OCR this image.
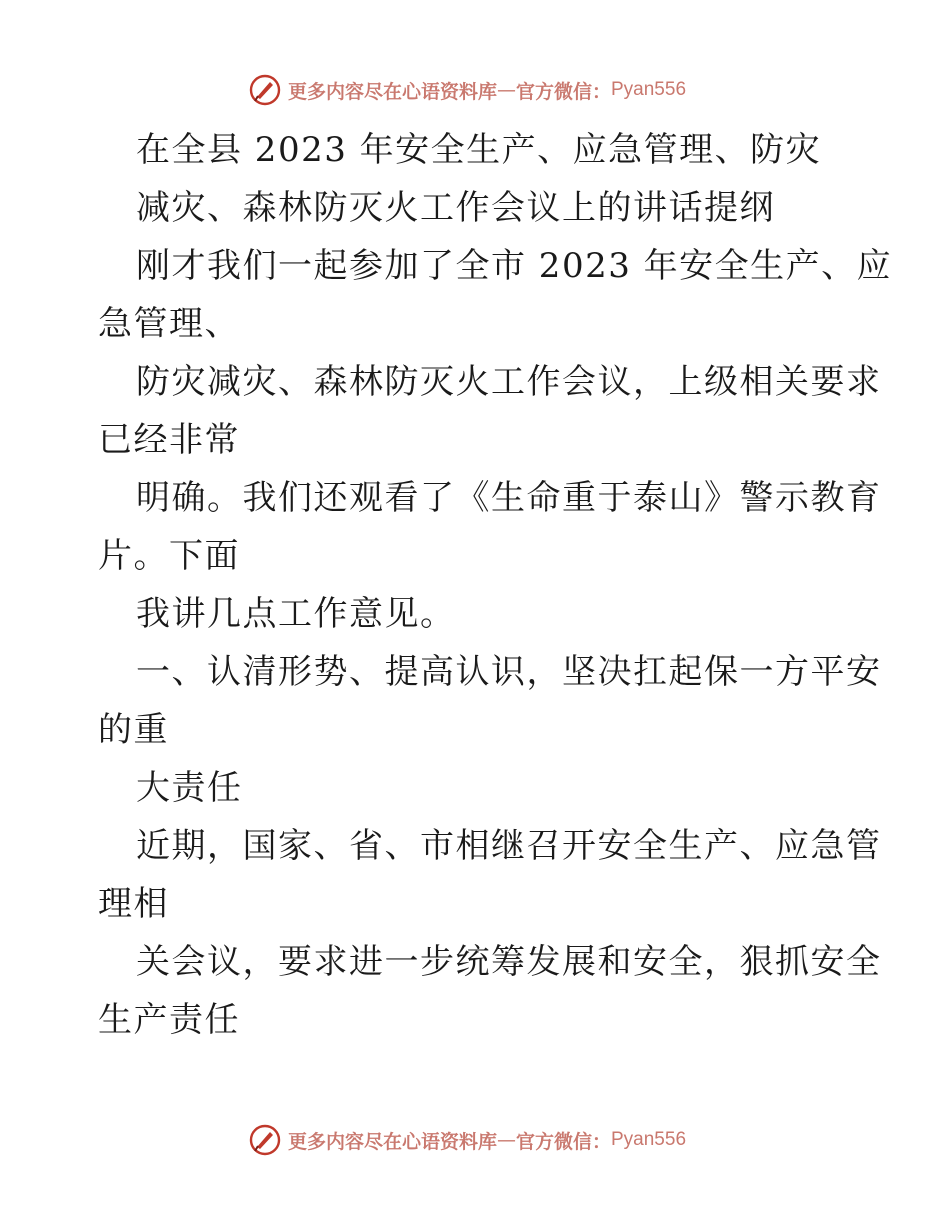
更多内容尽在心语资料库 — 官方微信： Pyan556
在全县 2023 年安全生产、应急管理、防灾
减灾、森林防灭火工作会议上的讲话提纲
刚才我们一起参加了全市 2023 年安全生产、应
急管理、
防灾减灾、森林防灭火工作会议，上级相关要求
已经非常
明确。我们还观看了《生命重于泰山》警示教育
片。下面
我讲几点工作意见。
一、认清形势、提高认识，坚决扛起保一方平安
的重
大责任
近期，国家、省、市相继召开安全生产、应急管
理相
关会议，要求进一步统筹发展和安全，狠抓安全
生产责任
更多内容尽在心语资料库 — 官方微信： Pyan556
